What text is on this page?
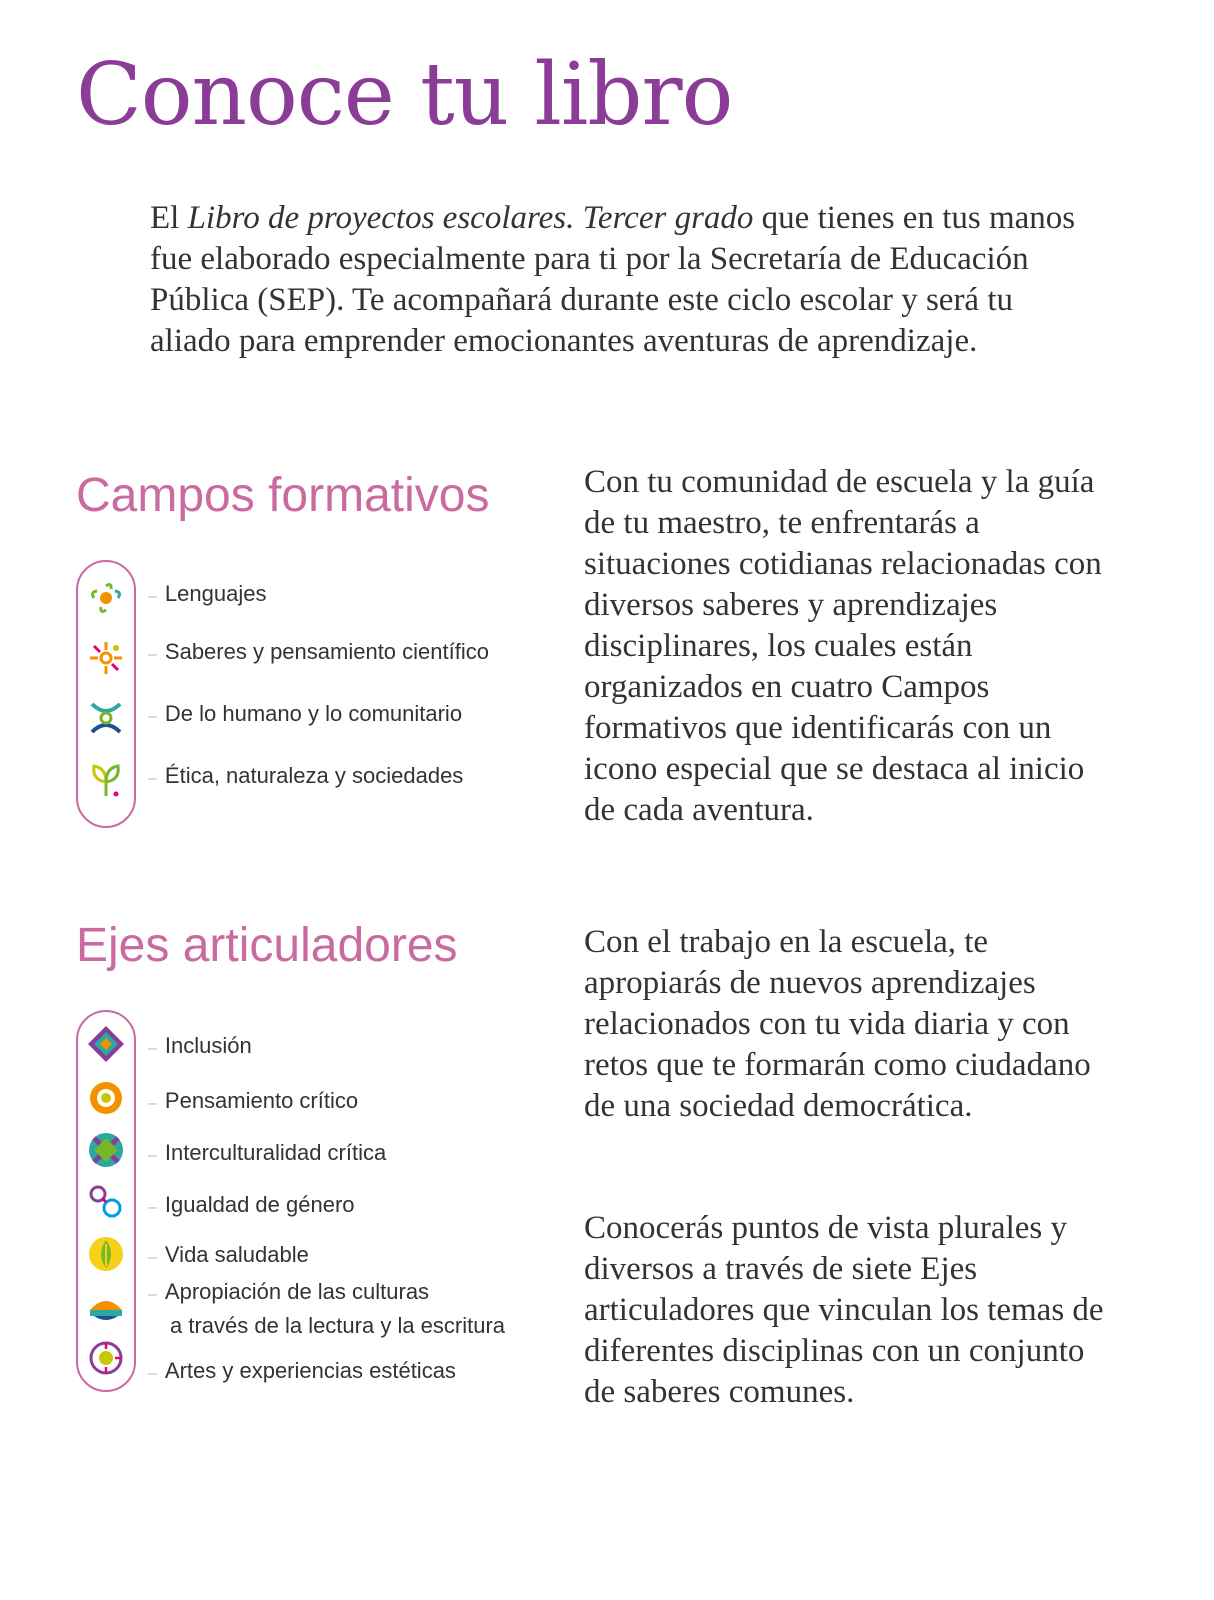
Conoce tu libro

El Libro de proyectos escolares. Tercer grado que tienes en tus manos fue elaborado especialmente para ti por la Secretaría de Educación Pública (SEP). Te acompañará durante este ciclo escolar y será tu aliado para emprender emocionantes aventuras de aprendizaje.

Campos formativos
– Lenguajes
– Saberes y pensamiento científico
– De lo humano y lo comunitario
– Ética, naturaleza y sociedades

Con tu comunidad de escuela y la guía de tu maestro, te enfrentarás a situaciones cotidianas relacionadas con diversos saberes y aprendizajes disciplinares, los cuales están organizados en cuatro Campos formativos que identificarás con un icono especial que se destaca al inicio de cada aventura.

Ejes articuladores
– Inclusión
– Pensamiento crítico
– Interculturalidad crítica
– Igualdad de género
– Vida saludable
– Apropiación de las culturas
a través de la lectura y la escritura
– Artes y experiencias estéticas

Con el trabajo en la escuela, te apropiarás de nuevos aprendizajes relacionados con tu vida diaria y con retos que te formarán como ciudadano de una sociedad democrática.

Conocerás puntos de vista plurales y diversos a través de siete Ejes articuladores que vinculan los temas de diferentes disciplinas con un conjunto de saberes comunes.
